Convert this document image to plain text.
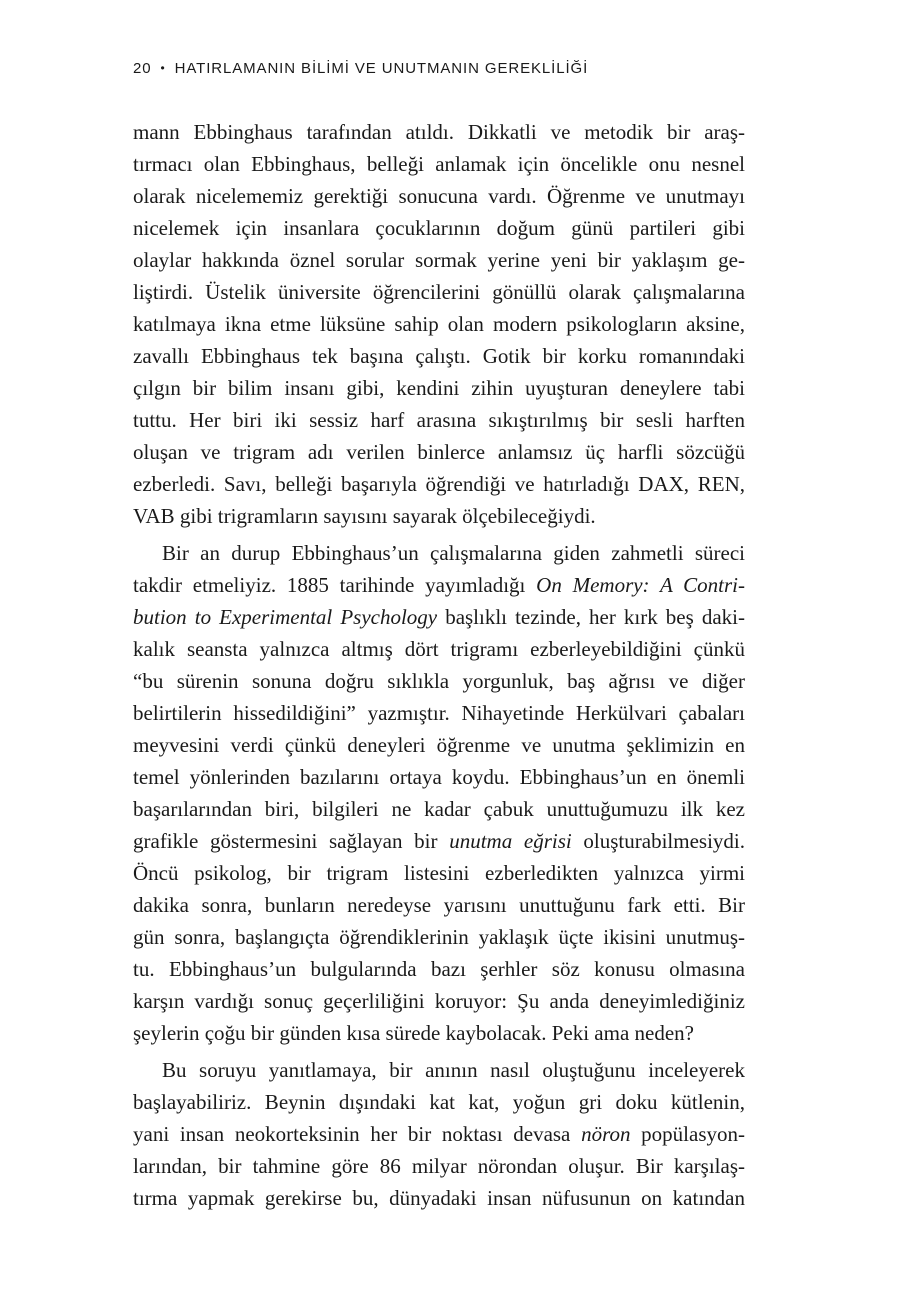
20 • HATIRLAMANIN BİLİMİ VE UNUTMANIN GEREKLİLİĞİ
mann Ebbinghaus tarafından atıldı. Dikkatli ve metodik bir araş-
tırmacı olan Ebbinghaus, belleği anlamak için öncelikle onu nesnel
olarak nicelememiz gerektiği sonucuna vardı. Öğrenme ve unutmayı
nicelemek için insanlara çocuklarının doğum günü partileri gibi
olaylar hakkında öznel sorular sormak yerine yeni bir yaklaşım ge-
liştirdi. Üstelik üniversite öğrencilerini gönüllü olarak çalışmalarına
katılmaya ikna etme lüksüne sahip olan modern psikologların aksine,
zavallı Ebbinghaus tek başına çalıştı. Gotik bir korku romanındaki
çılgın bir bilim insanı gibi, kendini zihin uyuşturan deneylere tabi
tuttu. Her biri iki sessiz harf arasına sıkıştırılmış bir sesli harften
oluşan ve trigram adı verilen binlerce anlamsız üç harfli sözcüğü
ezberledi. Savı, belleği başarıyla öğrendiği ve hatırladığı DAX, REN,
VAB gibi trigramların sayısını sayarak ölçebileceğiydi.
Bir an durup Ebbinghaus’un çalışmalarına giden zahmetli süreci
takdir etmeliyiz. 1885 tarihinde yayımladığı On Memory: A Contri-
bution to Experimental Psychology başlıklı tezinde, her kırk beş daki-
kalık seansta yalnızca altmış dört trigramı ezberleyebildiğini çünkü
“bu sürenin sonuna doğru sıklıkla yorgunluk, baş ağrısı ve diğer
belirtilerin hissedildiğini” yazmıştır. Nihayetinde Herkülvari çabaları
meyvesini verdi çünkü deneyleri öğrenme ve unutma şeklimizin en
temel yönlerinden bazılarını ortaya koydu. Ebbinghaus’un en önemli
başarılarından biri, bilgileri ne kadar çabuk unuttuğumuzu ilk kez
grafikle göstermesini sağlayan bir unutma eğrisi oluşturabilmesiydi.
Öncü psikolog, bir trigram listesini ezberledikten yalnızca yirmi
dakika sonra, bunların neredeyse yarısını unuttuğunu fark etti. Bir
gün sonra, başlangıçta öğrendiklerinin yaklaşık üçte ikisini unutmuş-
tu. Ebbinghaus’un bulgularında bazı şerhler söz konusu olmasına
karşın vardığı sonuç geçerliliğini koruyor: Şu anda deneyimlediğiniz
şeylerin çoğu bir günden kısa sürede kaybolacak. Peki ama neden?
Bu soruyu yanıtlamaya, bir anının nasıl oluştuğunu inceleyerek
başlayabiliriz. Beynin dışındaki kat kat, yoğun gri doku kütlenin,
yani insan neokorteksinin her bir noktası devasa nöron popülasyon-
larından, bir tahmine göre 86 milyar nörondan oluşur. Bir karşılaş-
tırma yapmak gerekirse bu, dünyadaki insan nüfusunun on katından
